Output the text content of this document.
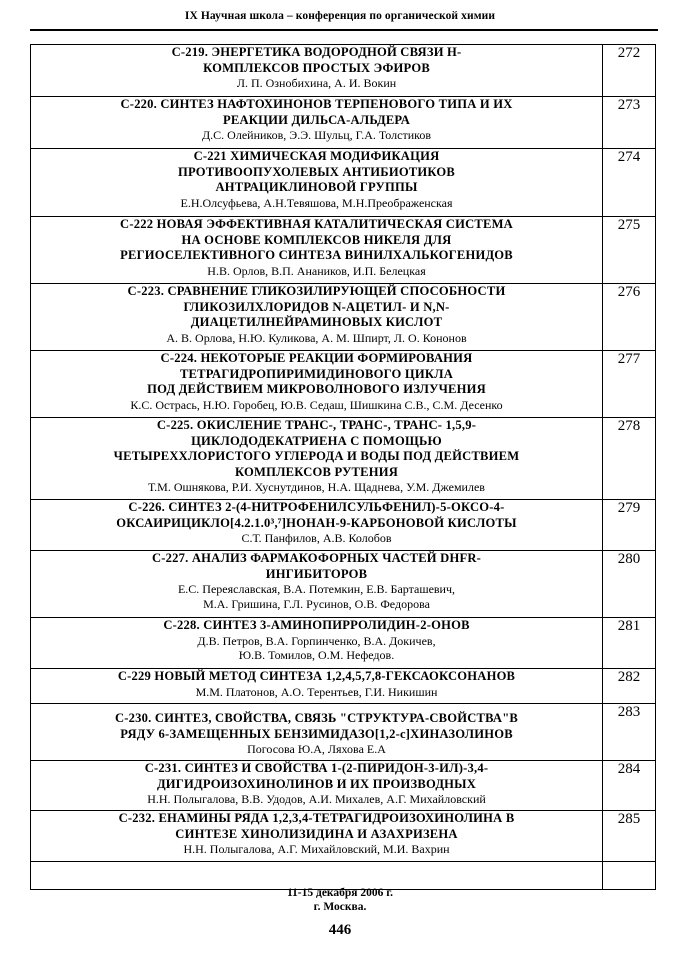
IX Научная школа – конференция по органической химии
C-219. ЭНЕРГЕТИКА ВОДОРОДНОЙ СВЯЗИ Н-
КОМПЛЕКСОВ ПРОСТЫХ ЭФИРОВ
Л. П. Ознобихина, А. И. Вокин	272

С-220. СИНТЕЗ НАФТОХИНОНОВ ТЕРПЕНОВОГО ТИПА И ИХ
РЕАКЦИИ ДИЛЬСА-АЛЬДЕРА
Д.С. Олейников, Э.Э. Шульц, Г.А. Толстиков	273

С-221 ХИМИЧЕСКАЯ МОДИФИКАЦИЯ
ПРОТИВООПУХОЛЕВЫХ АНТИБИОТИКОВ
АНТРАЦИКЛИНОВОЙ ГРУППЫ
Е.Н.Олсуфьева, А.Н.Тевяшова, М.Н.Преображенская	274

С-222 НОВАЯ ЭФФЕКТИВНАЯ КАТАЛИТИЧЕСКАЯ СИСТЕМА
НА ОСНОВЕ КОМПЛЕКСОВ НИКЕЛЯ ДЛЯ
РЕГИОСЕЛЕКТИВНОГО СИНТЕЗА ВИНИЛХАЛЬКОГЕНИДОВ
Н.В. Орлов, В.П. Анаников, И.П. Белецкая	275

С-223. СРАВНЕНИЕ ГЛИКОЗИЛИРУЮЩЕЙ СПОСОБНОСТИ
ГЛИКОЗИЛХЛОРИДОВ N-АЦЕТИЛ- И N,N-
ДИАЦЕТИЛНЕЙРАМИНОВЫХ КИСЛОТ
А. В. Орлова, Н.Ю. Куликова, А. М. Шпирт, Л. О. Кононов	276

С-224. НЕКОТОРЫЕ РЕАКЦИИ ФОРМИРОВАНИЯ
ТЕТРАГИДРОПИРИМИДИНОВОГО ЦИКЛА
ПОД ДЕЙСТВИЕМ МИКРОВОЛНОВОГО ИЗЛУЧЕНИЯ
К.С. Острась, Н.Ю. Горобец, Ю.В. Седаш, Шишкина С.В., С.М. Десенко	277

С-225. ОКИСЛЕНИЕ ТРАНС-, ТРАНС-, ТРАНС- 1,5,9-
ЦИКЛОДОДЕКАТРИЕНА С ПОМОЩЬЮ
ЧЕТЫРЕХХЛОРИСТОГО УГЛЕРОДА И ВОДЫ ПОД ДЕЙСТВИЕМ
КОМПЛЕКСОВ РУТЕНИЯ
Т.М. Ошнякова, Р.И. Хуснутдинов, Н.А. Щаднева, У.М. Джемилев	278

С-226. СИНТЕЗ 2-(4-НИТРОФЕНИЛСУЛЬФЕНИЛ)-5-ОКСО-4-
ОКСАИРИЦИКЛО[4.2.1.0³,⁷]НОНАН-9-КАРБОНОВОЙ КИСЛОТЫ
С.Т. Панфилов, А.В. Колобов	279

С-227. АНАЛИЗ ФАРМАКОФОРНЫХ ЧАСТЕЙ DHFR-
ИНГИБИТОРОВ
Е.С. Переяславская, В.А. Потемкин, Е.В. Барташевич,
М.А. Гришина, Г.Л. Русинов, О.В. Федорова	280

С-228. СИНТЕЗ 3-АМИНОПИРРОЛИДИН-2-ОНОВ
Д.В. Петров, В.А. Горпинченко, В.А. Докичев,
Ю.В. Томилов, О.М. Нефедов.	281

С-229 НОВЫЙ МЕТОД СИНТЕЗА 1,2,4,5,7,8-ГЕКСАОКСОНАНОВ
М.М. Платонов, А.О. Терентьев, Г.И. Никишин	282

С-230. СИНТЕЗ, СВОЙСТВА, СВЯЗЬ "СТРУКТУРА-СВОЙСТВА"В
РЯДУ 6-ЗАМЕЩЕННЫХ БЕНЗИМИДАЗО[1,2-c]ХИНАЗОЛИНОВ
Погосова Ю.А, Ляхова Е.А	283

С-231. СИНТЕЗ И СВОЙСТВА 1-(2-ПИРИДОН-3-ИЛ)-3,4-
ДИГИДРОИЗОХИНОЛИНОВ И ИХ ПРОИЗВОДНЫХ
Н.Н. Полыгалова, В.В. Удодов, А.И. Михалев, А.Г. Михайловский	284

С-232. ЕНАМИНЫ РЯДА 1,2,3,4-ТЕТРАГИДРОИЗОХИНОЛИНА В
СИНТЕЗЕ ХИНОЛИЗИДИНА И АЗАХРИЗЕНА
Н.Н. Полыгалова, А.Г. Михайловский, М.И. Вахрин	285

11-15 декабря 2006 г.
г. Москва.
446
